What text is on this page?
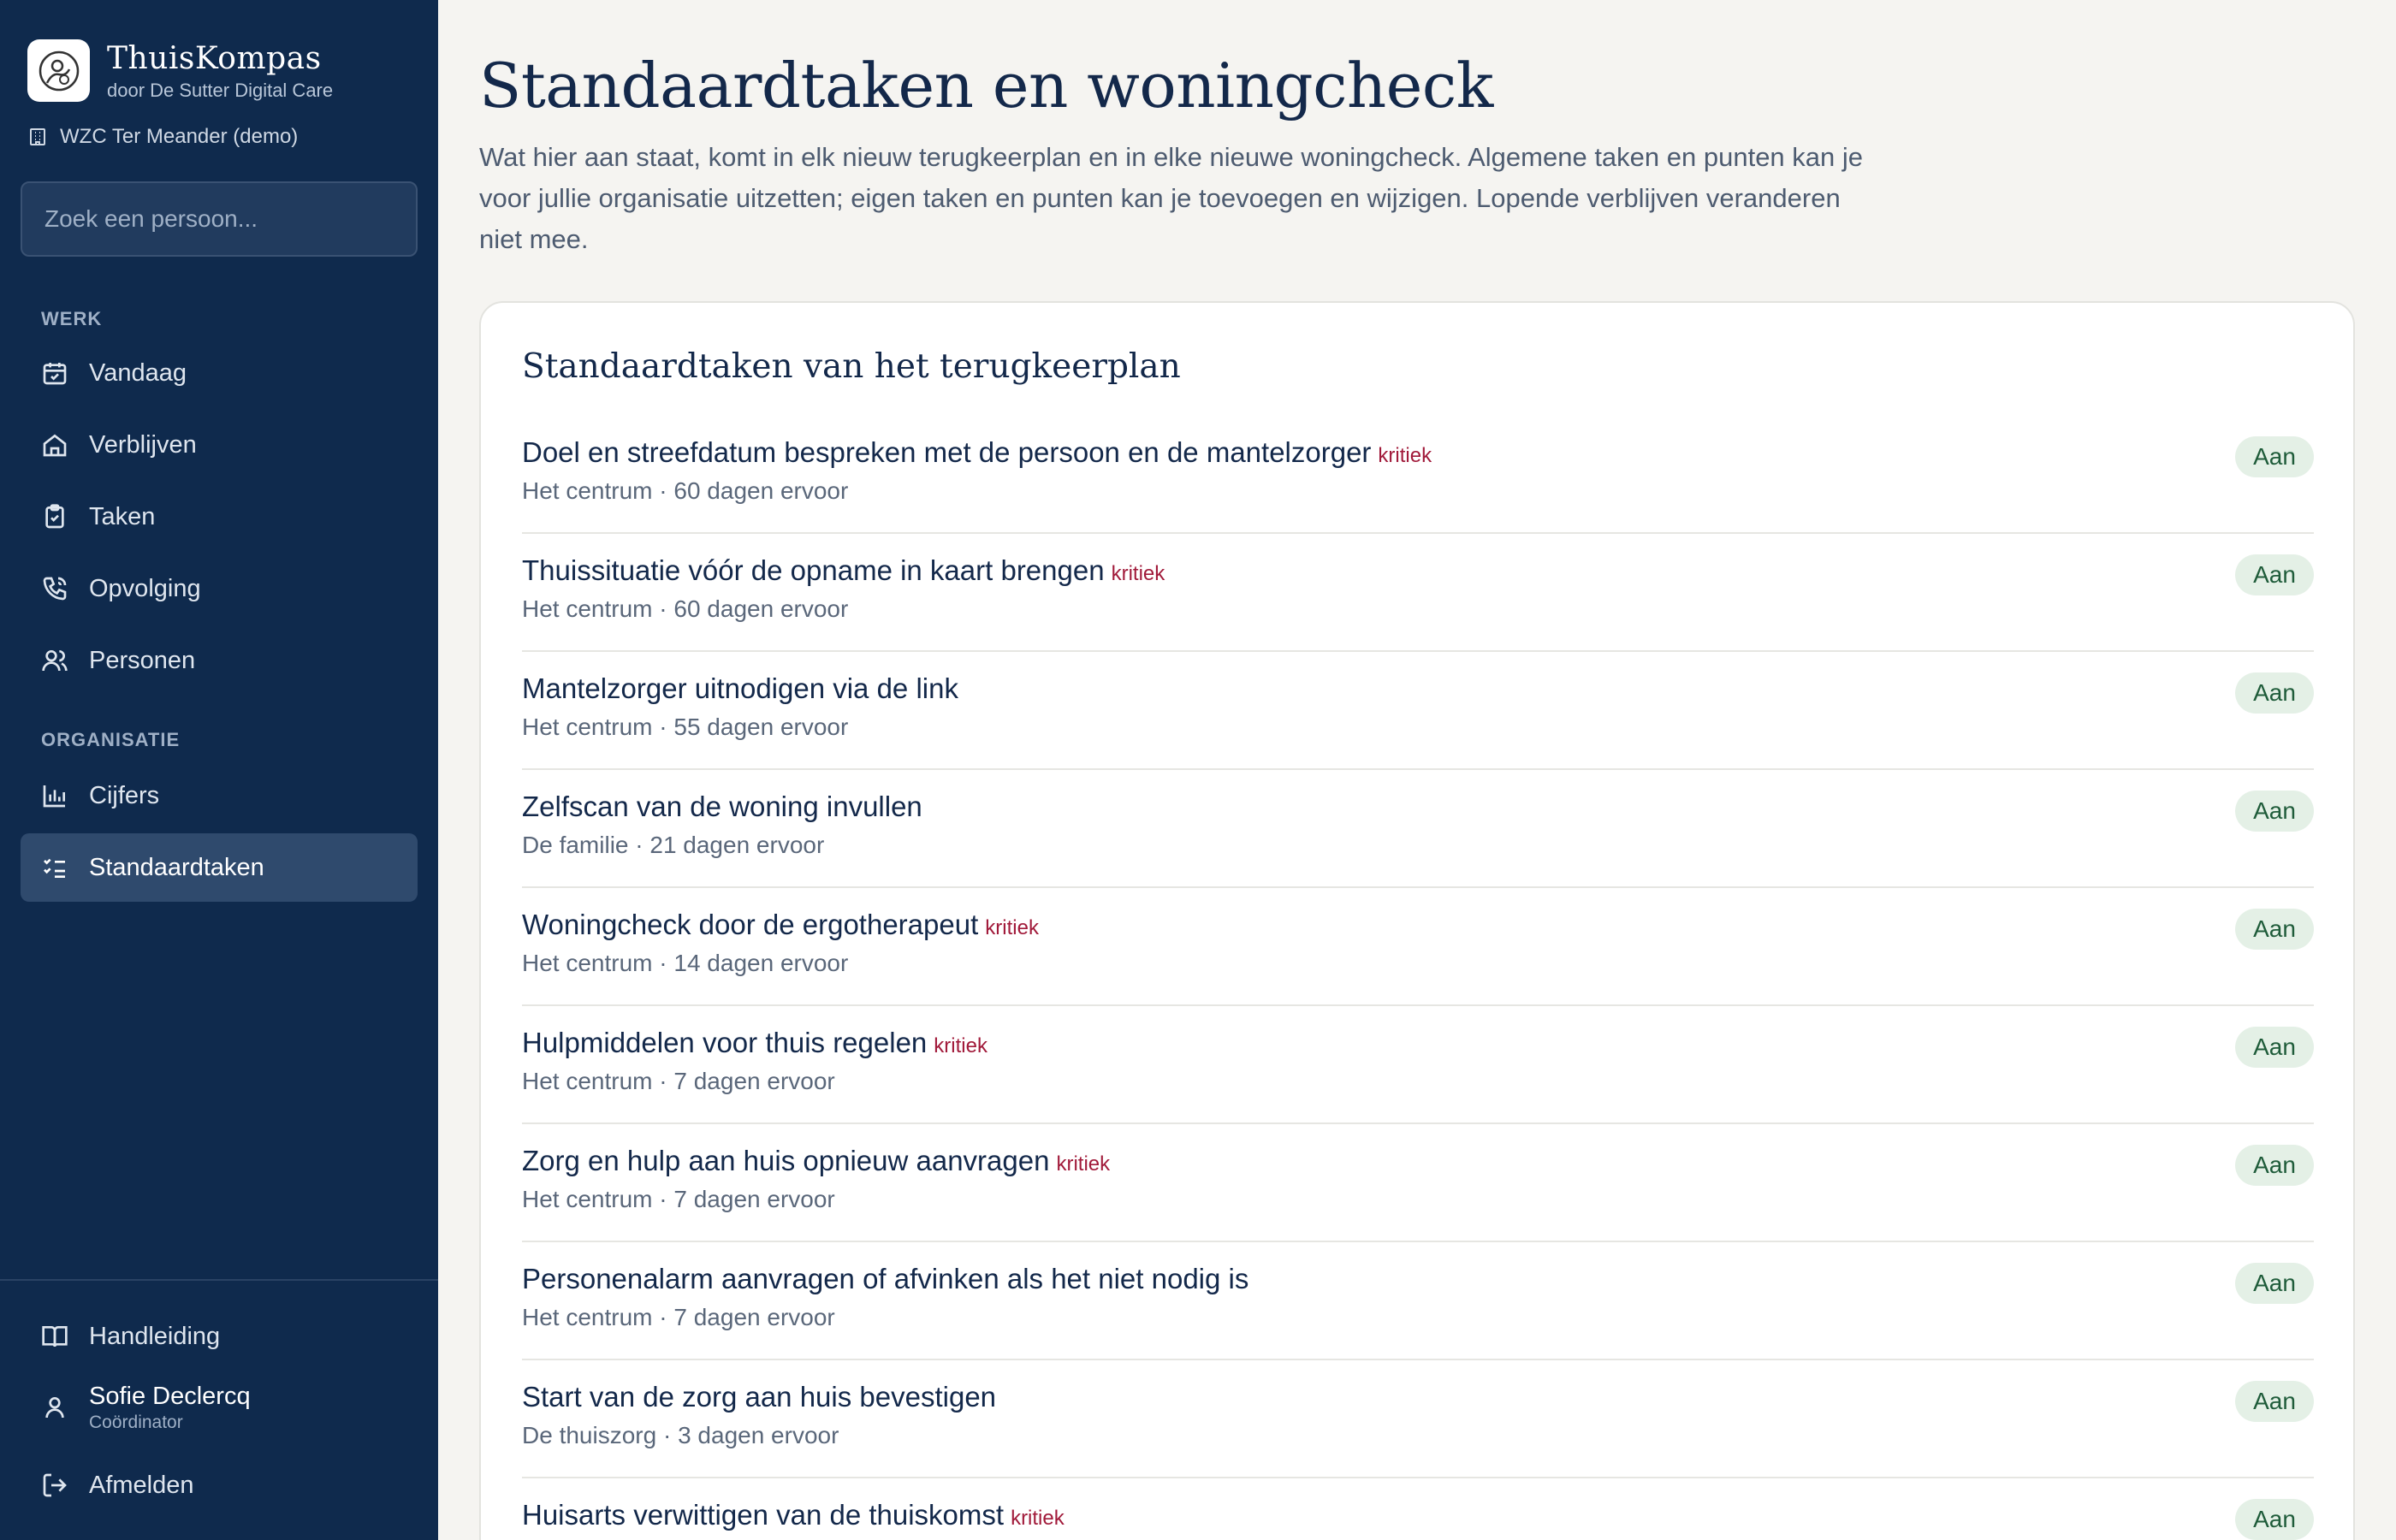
ThuisKompas
door De Sutter Digital Care
WZC Ter Meander (demo)
Zoek een persoon...
WERK
Vandaag
Verblijven
Taken
Opvolging
Personen
ORGANISATIE
Cijfers
Standaardtaken
Handleiding
Sofie Declercq
Coördinator
Afmelden
Standaardtaken en woningcheck

Wat hier aan staat, komt in elk nieuw terugkeerplan en in elke nieuwe woningcheck. Algemene taken en punten kan je voor jullie organisatie uitzetten; eigen taken en punten kan je toevoegen en wijzigen. Lopende verblijven veranderen niet mee.

Standaardtaken van het terugkeerplan
Doel en streefdatum bespreken met de persoon en de mantelzorger kritiek
Het centrum · 60 dagen ervoor
Aan
Thuissituatie vóór de opname in kaart brengen kritiek
Het centrum · 60 dagen ervoor
Aan
Mantelzorger uitnodigen via de link
Het centrum · 55 dagen ervoor
Aan
Zelfscan van de woning invullen
De familie · 21 dagen ervoor
Aan
Woningcheck door de ergotherapeut kritiek
Het centrum · 14 dagen ervoor
Aan
Hulpmiddelen voor thuis regelen kritiek
Het centrum · 7 dagen ervoor
Aan
Zorg en hulp aan huis opnieuw aanvragen kritiek
Het centrum · 7 dagen ervoor
Aan
Personenalarm aanvragen of afvinken als het niet nodig is
Het centrum · 7 dagen ervoor
Aan
Start van de zorg aan huis bevestigen
De thuiszorg · 3 dagen ervoor
Aan
Huisarts verwittigen van de thuiskomst kritiek	Aan
